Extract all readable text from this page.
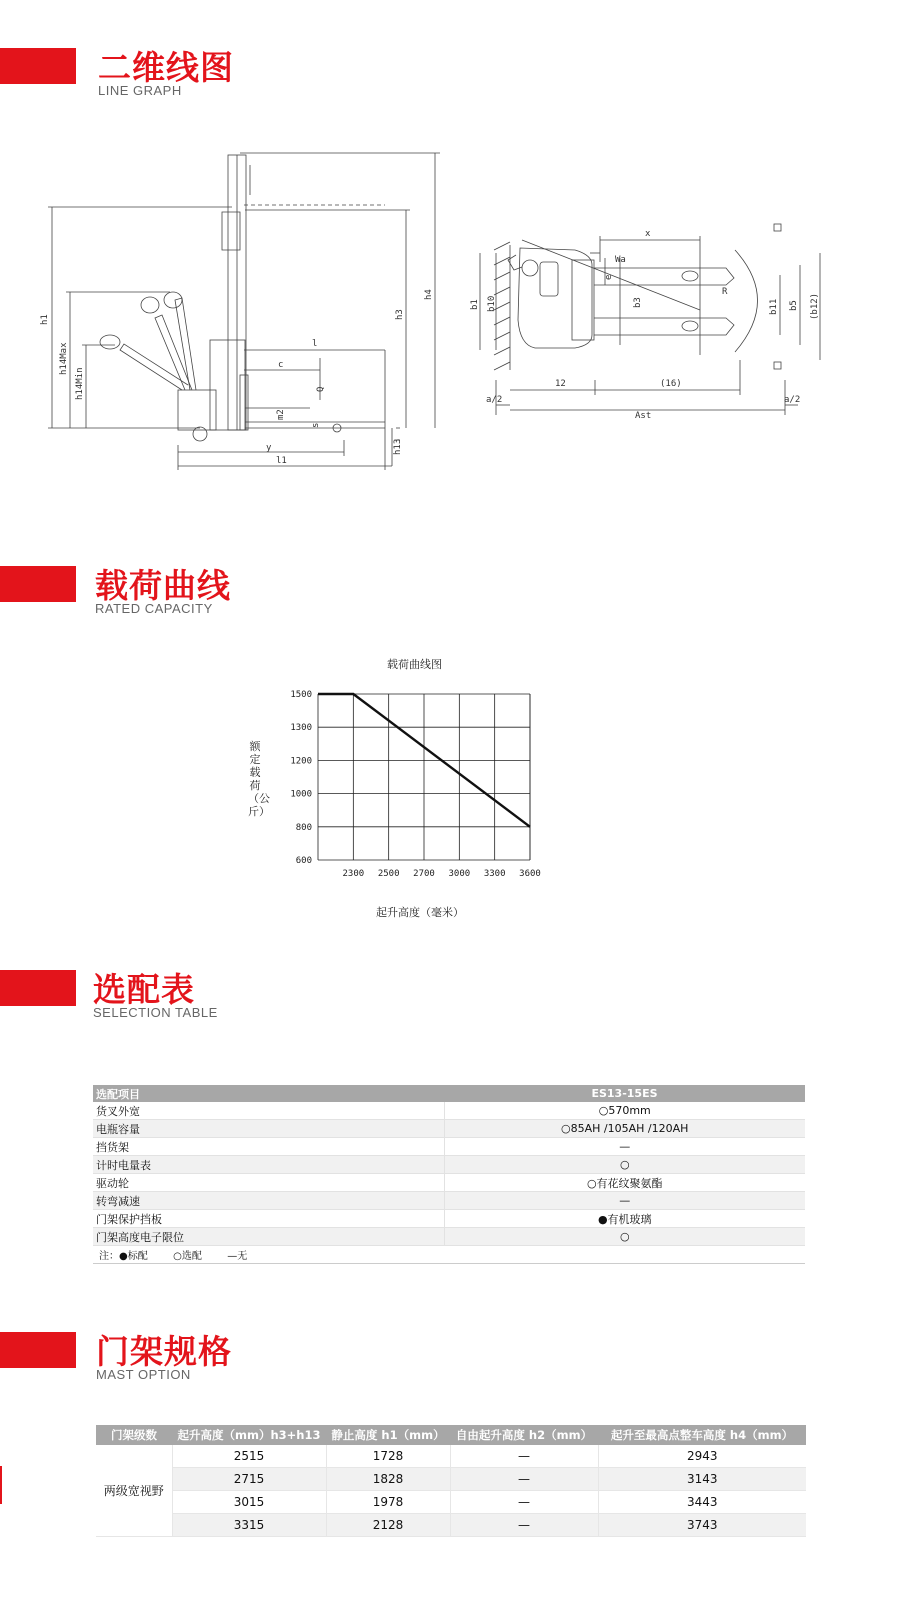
二维线图
LINE GRAPH
载荷曲线
RATED CAPACITY
选配表
SELECTION TABLE
门架规格
MAST OPTION
h1
h14Max
h14Min
h3
h4
l
c
y
l1
h13
m2
s
Q
x
e
b1 b10	b3	b11 b5 (b12)
12	(16)
a/2	a/2
Ast
Wa
R
载荷曲线图
1500
1300
1200
1000
800
600
2300 2500 2700 3000 3300 3600
起升高度（毫米）
额定载荷（公斤）
选配项目	ES13-15ES
货叉外宽	○570mm
电瓶容量	○85AH /105AH /120AH
挡货架	—
计时电量表	○
驱动轮	○有花纹聚氨酯
转弯减速	—
门架保护挡板	●有机玻璃
门架高度电子限位	○
注：●标配        ○选配        —无	
门架级数	起升高度（mm）h3+h13	静止高度 h1（mm）	自由起升高度 h2（mm）	起升至最高点整车高度 h4（mm）
两级宽视野	2515	1728	—	2943
	2715	1828	—	3143
	3015	1978	—	3443
	3315	2128	—	3743
